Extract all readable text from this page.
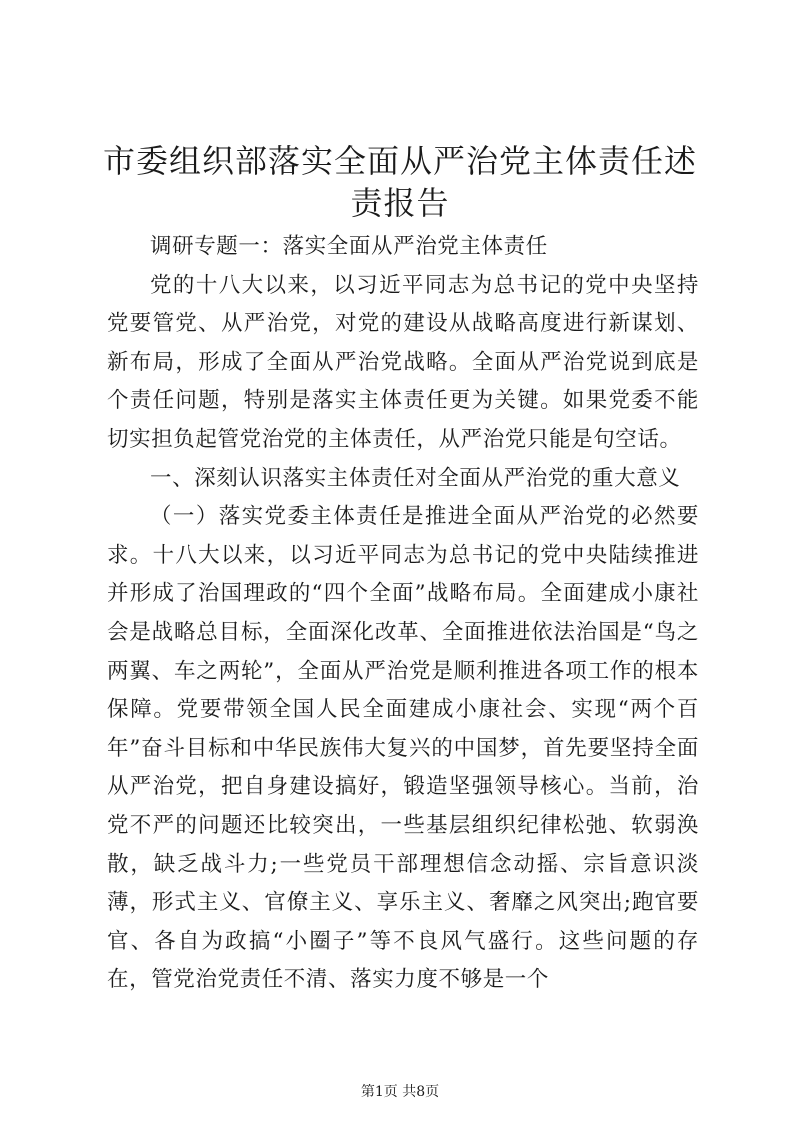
市委组织部落实全面从严治党主体责任述责报告

调研专题一：落实全面从严治党主体责任

党的十八大以来，以习近平同志为总书记的党中央坚持党要管党、从严治党，对党的建设从战略高度进行新谋划、新布局，形成了全面从严治党战略。全面从严治党说到底是个责任问题，特别是落实主体责任更为关键。如果党委不能切实担负起管党治党的主体责任，从严治党只能是句空话。

一、深刻认识落实主体责任对全面从严治党的重大意义

（一）落实党委主体责任是推进全面从严治党的必然要求。十八大以来，以习近平同志为总书记的党中央陆续推进并形成了治国理政的“四个全面”战略布局。全面建成小康社会是战略总目标，全面深化改革、全面推进依法治国是“鸟之两翼、车之两轮”，全面从严治党是顺利推进各项工作的根本保障。党要带领全国人民全面建成小康社会、实现“两个百年”奋斗目标和中华民族伟大复兴的中国梦，首先要坚持全面从严治党，把自身建设搞好，锻造坚强领导核心。当前，治党不严的问题还比较突出，一些基层组织纪律松弛、软弱涣散，缺乏战斗力;一些党员干部理想信念动摇、宗旨意识淡薄，形式主义、官僚主义、享乐主义、奢靡之风突出;跑官要官、各自为政搞“小圈子”等不良风气盛行。这些问题的存在，管党治党责任不清、落实力度不够是一个

第1页 共8页
